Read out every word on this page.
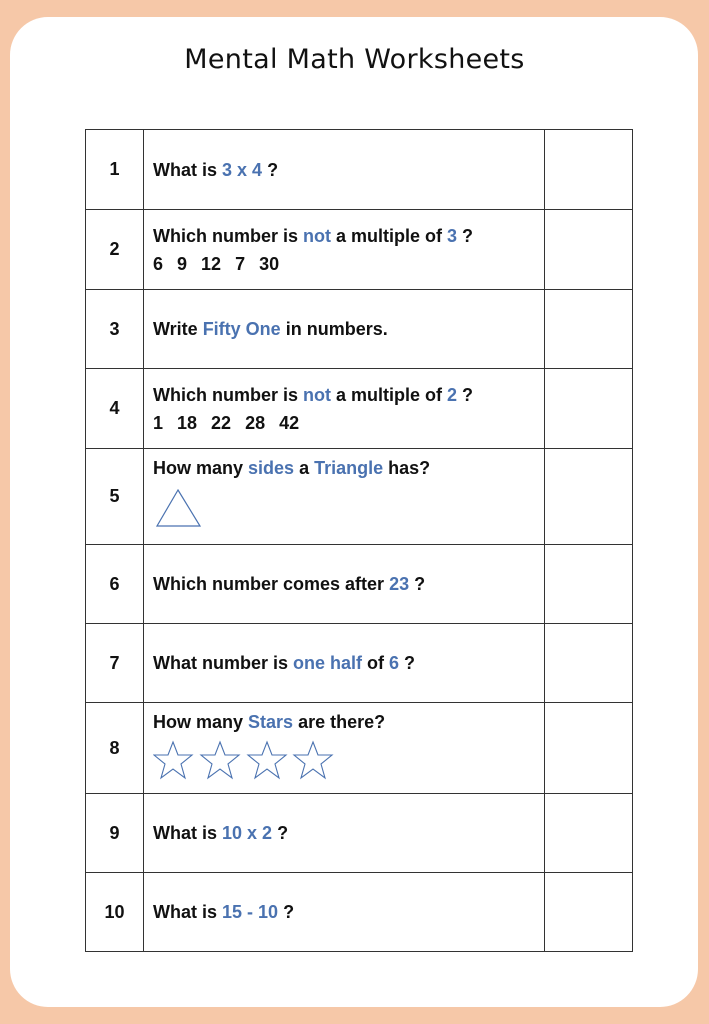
Mental Math Worksheets
1	What is 3 x 4 ?	
2	Which number is not a multiple of 3 ?
6 9 12 7 30	

3	Write Fifty One in numbers.	
4	Which number is not a multiple of 2 ?
1 18 22 28 42	

5	How many sides a Triangle has?	

6	Which number comes after 23 ?	
7	What number is one half of 6 ?	
8	How many Stars are there?	

9	What is 10 x 2 ?	
10	What is 15 - 10 ?	
